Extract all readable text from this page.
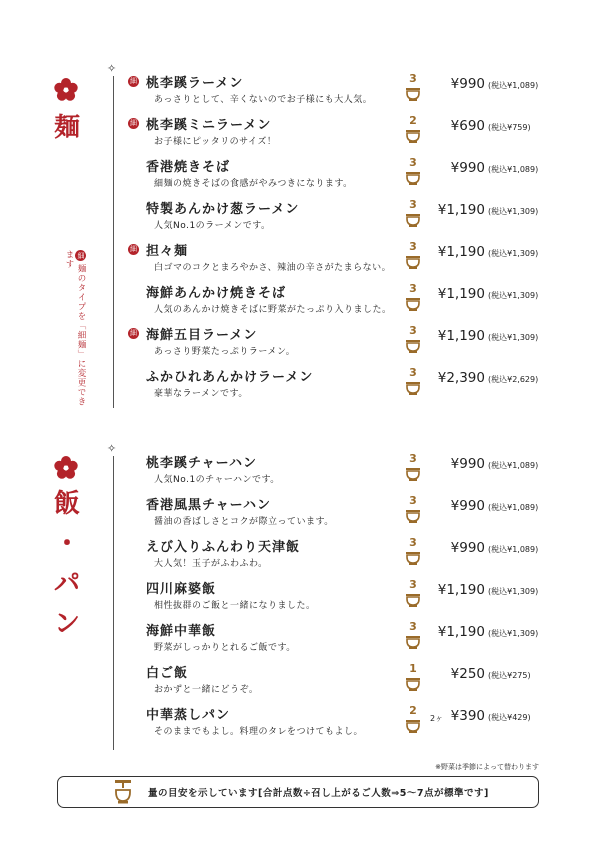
麺
✧
細麺のタイプを「細麺」に変更できます
細 桃李蹊ラーメン
あっさりとして、辛くないのでお子様にも大人気。
3	¥990 (税込¥1,089)
細 桃李蹊ミニラーメン
お子様にピッタリのサイズ！
2	¥690 (税込¥759)
香港焼きそば
細麺の焼きそばの食感がやみつきになります。
3	¥990 (税込¥1,089)
特製あんかけ葱ラーメン
人気No.1のラーメンです。
3	¥1,190 (税込¥1,309)
細 担々麺
白ゴマのコクとまろやかさ、辣油の辛さがたまらない。
3	¥1,190 (税込¥1,309)
海鮮あんかけ焼きそば
人気のあんかけ焼きそばに野菜がたっぷり入りました。
3	¥1,190 (税込¥1,309)
細 海鮮五目ラーメン
あっさり野菜たっぷりラーメン。
3	¥1,190 (税込¥1,309)
ふかひれあんかけラーメン
豪華なラーメンです。
3	¥2,390 (税込¥2,629)
飯
・
パ
ン
✧
桃李蹊チャーハン
人気No.1のチャーハンです。
3	¥990 (税込¥1,089)
香港風黒チャーハン
醤油の香ばしさとコクが際立っています。
3	¥990 (税込¥1,089)
えび入りふんわり天津飯
大人気！玉子がふわふわ。
3	¥990 (税込¥1,089)
四川麻婆飯
相性抜群のご飯と一緒になりました。
3	¥1,190 (税込¥1,309)
海鮮中華飯
野菜がしっかりとれるご飯です。
3	¥1,190 (税込¥1,309)
白ご飯
おかずと一緒にどうぞ。
1	¥250 (税込¥275)
中華蒸しパン
そのままでもよし。料理のタレをつけてもよし。
2
2ヶ ¥390 (税込¥429)
※野菜は季節によって替わります
量の目安を示しています[合計点数÷召し上がるご人数⇒5〜7点が標準です]
